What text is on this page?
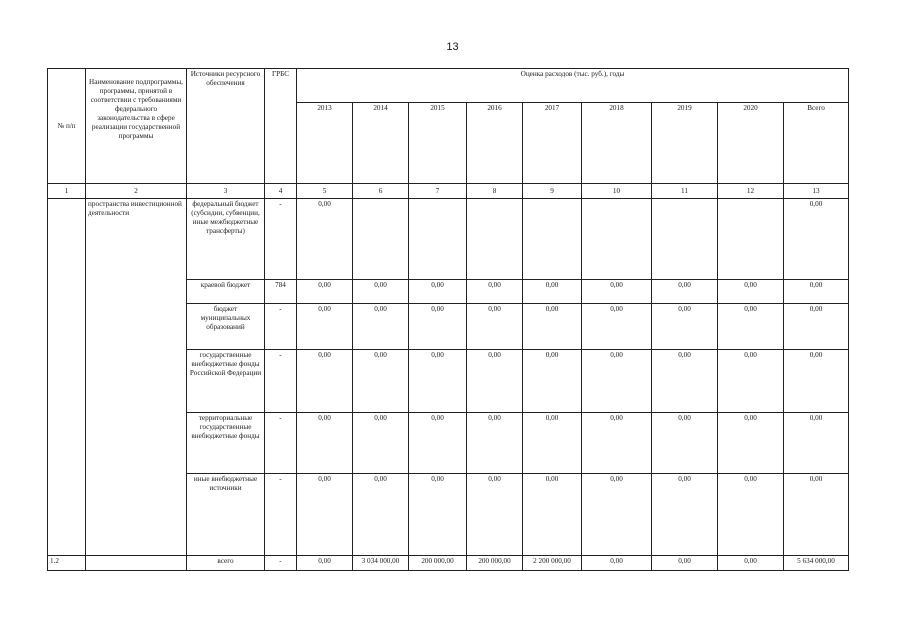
13
№ п/п	Наименование подпрограммы, программы, принятой в соответствии с требованиями федерального законодательства в сфере реализации государственной программы	Источники ресурсного обеспечения	ГРБС	Оценка расходов (тыс. руб.), годы								
				2013	2014	2015	2016	2017	2018	2019	2020	Всего
1	2	3	4	5	6	7	8	9	10	11	12	13
	пространства инвестиционной деятельности	федеральный бюджет (субсидии, субвенции, иные межбюджетные трансферты)	-	0,00								0,00
		краевой бюджет	784	0,00	0,00	0,00	0,00	0,00	0,00	0,00	0,00	0,00
		бюджет муниципальных образований	-	0,00	0,00	0,00	0,00	0,00	0,00	0,00	0,00	0,00
		государственные внебюджетные фонды Российской Федерации	-	0,00	0,00	0,00	0,00	0,00	0,00	0,00	0,00	0,00
		территориальные государственные внебюджетные фонды	-	0,00	0,00	0,00	0,00	0,00	0,00	0,00	0,00	0,00
		иные внебюджетные источники	-	0,00	0,00	0,00	0,00	0,00	0,00	0,00	0,00	0,00
1.2		всего	-	0,00	3 034 000,00	200 000,00	200 000,00	2 200 000,00	0,00	0,00	0,00	5 634 000,00
